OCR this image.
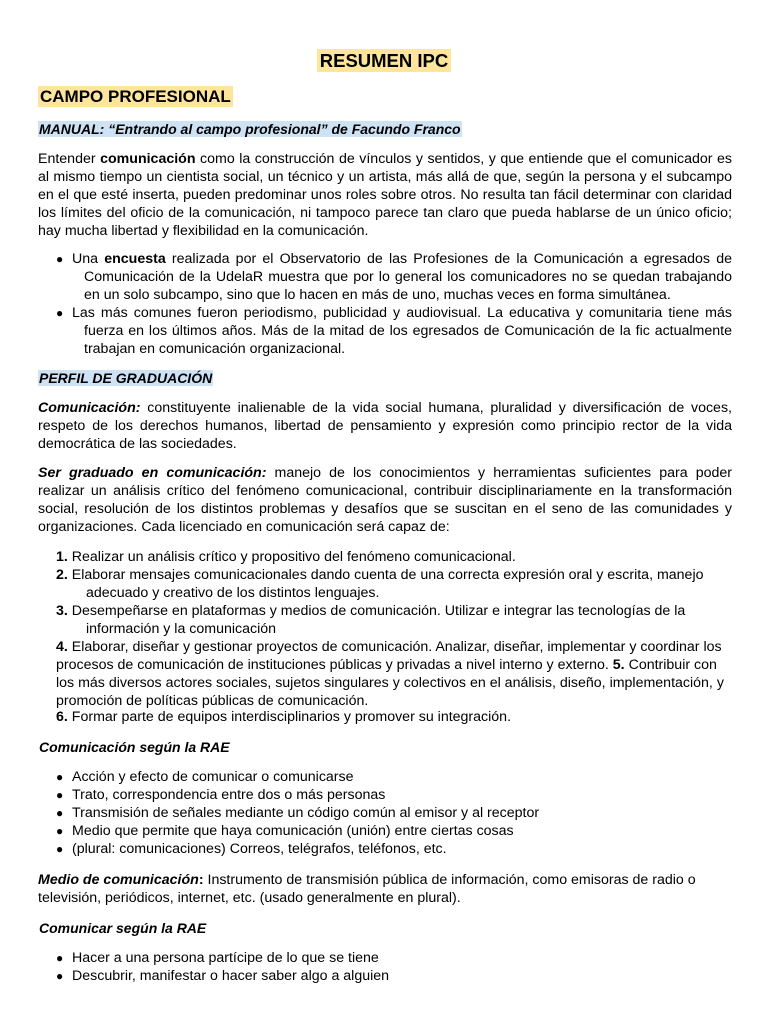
RESUMEN IPC
CAMPO PROFESIONAL
MANUAL: “Entrando al campo profesional” de Facundo Franco

Entender comunicación como la construcción de vínculos y sentidos, y que entiende que el comunicador es al mismo tiempo un cientista social, un técnico y un artista, más allá de que, según la persona y el subcampo en el que esté inserta, pueden predominar unos roles sobre otros. No resulta tan fácil determinar con claridad los límites del oficio de la comunicación, ni tampoco parece tan claro que pueda hablarse de un único oficio; hay mucha libertad y flexibilidad en la comunicación.

● Una encuesta realizada por el Observatorio de las Profesiones de la Comunicación a egresados de Comunicación de la UdelaR muestra que por lo general los comunicadores no se quedan trabajando en un solo subcampo, sino que lo hacen en más de uno, muchas veces en forma simultánea.
● Las más comunes fueron periodismo, publicidad y audiovisual. La educativa y comunitaria tiene más fuerza en los últimos años. Más de la mitad de los egresados de Comunicación de la fic actualmente trabajan en comunicación organizacional.
PERFIL DE GRADUACIÓN

Comunicación: constituyente inalienable de la vida social humana, pluralidad y diversificación de voces, respeto de los derechos humanos, libertad de pensamiento y expresión como principio rector de la vida democrática de las sociedades.

Ser graduado en comunicación: manejo de los conocimientos y herramientas suficientes para poder realizar un análisis crítico del fenómeno comunicacional, contribuir disciplinariamente en la transformación social, resolución de los distintos problemas y desafíos que se suscitan en el seno de las comunidades y organizaciones. Cada licenciado en comunicación será capaz de:

1. Realizar un análisis crítico y propositivo del fenómeno comunicacional.
2. Elaborar mensajes comunicacionales dando cuenta de una correcta expresión oral y escrita, manejo
adecuado y creativo de los distintos lenguajes.
3. Desempeñarse en plataformas y medios de comunicación. Utilizar e integrar las tecnologías de la
información y la comunicación

4. Elaborar, diseñar y gestionar proyectos de comunicación. Analizar, diseñar, implementar y coordinar los procesos de comunicación de instituciones públicas y privadas a nivel interno y externo. 5. Contribuir con los más diversos actores sociales, sujetos singulares y colectivos en el análisis, diseño, implementación, y promoción de políticas públicas de comunicación.

6. Formar parte de equipos interdisciplinarios y promover su integración.
Comunicación según la RAE
● Acción y efecto de comunicar o comunicarse
● Trato, correspondencia entre dos o más personas
● Transmisión de señales mediante un código común al emisor y al receptor
● Medio que permite que haya comunicación (unión) entre ciertas cosas
● (plural: comunicaciones) Correos, telégrafos, teléfonos, etc.

Medio de comunicación: Instrumento de transmisión pública de información, como emisoras de radio o televisión, periódicos, internet, etc. (usado generalmente en plural).

Comunicar según la RAE
● Hacer a una persona partícipe de lo que se tiene
● Descubrir, manifestar o hacer saber algo a alguien
